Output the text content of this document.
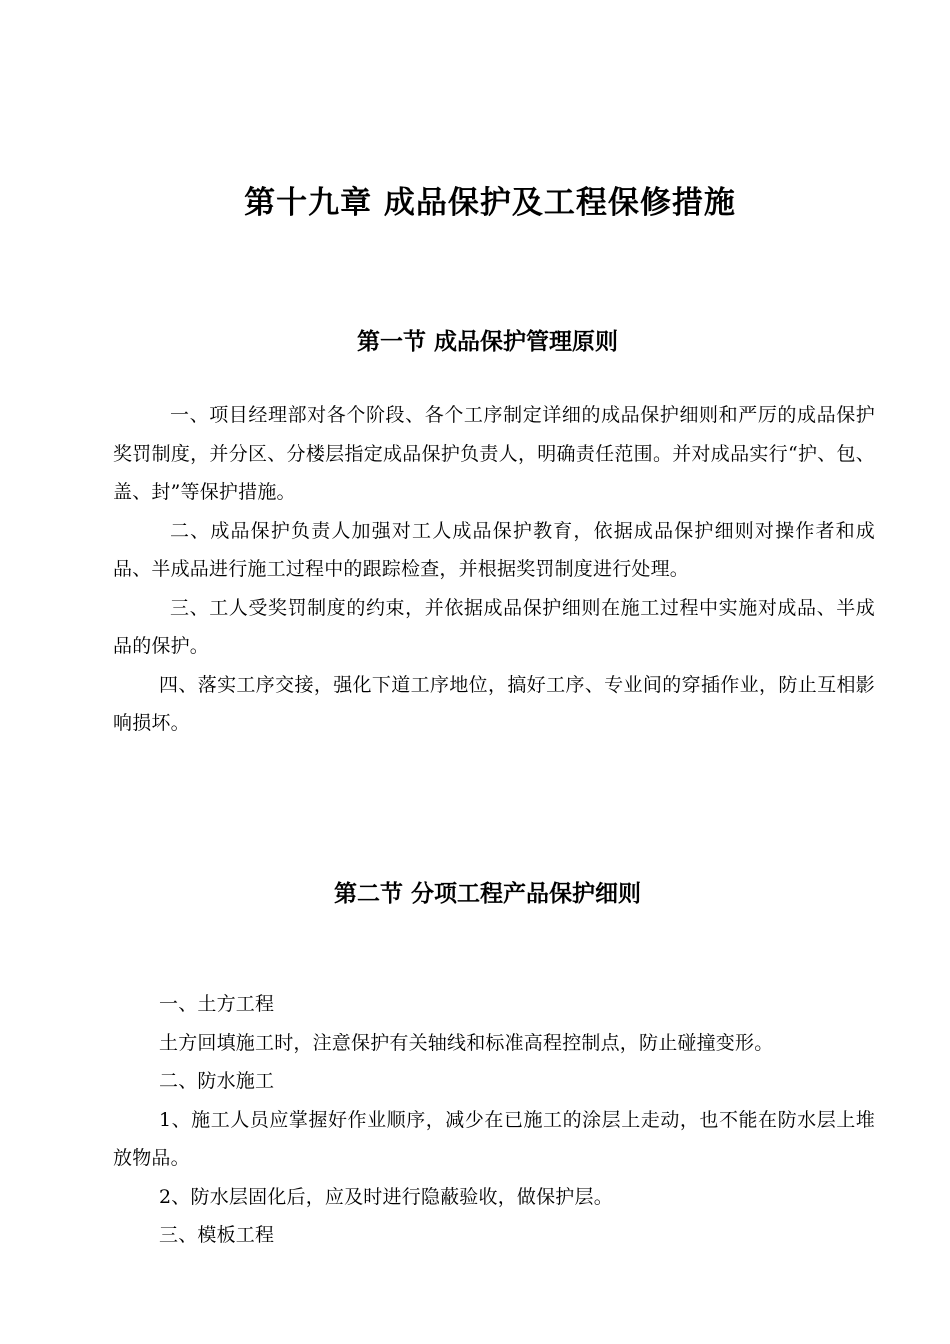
第十九章 成品保护及工程保修措施
第一节 成品保护管理原则

一、项目经理部对各个阶段、各个工序制定详细的成品保护细则和严厉的成品保护奖罚制度，并分区、分楼层指定成品保护负责人，明确责任范围。并对成品实行“护、包、盖、封”等保护措施。

二、成品保护负责人加强对工人成品保护教育，依据成品保护细则对操作者和成品、半成品进行施工过程中的跟踪检查，并根据奖罚制度进行处理。

三、工人受奖罚制度的约束，并依据成品保护细则在施工过程中实施对成品、半成品的保护。

四、落实工序交接，强化下道工序地位，搞好工序、专业间的穿插作业，防止互相影响损坏。

第二节 分项工程产品保护细则

一、土方工程

土方回填施工时，注意保护有关轴线和标准高程控制点，防止碰撞变形。

二、防水施工

1、施工人员应掌握好作业顺序，减少在已施工的涂层上走动，也不能在防水层上堆放物品。

2、防水层固化后，应及时进行隐蔽验收，做保护层。

三、模板工程
